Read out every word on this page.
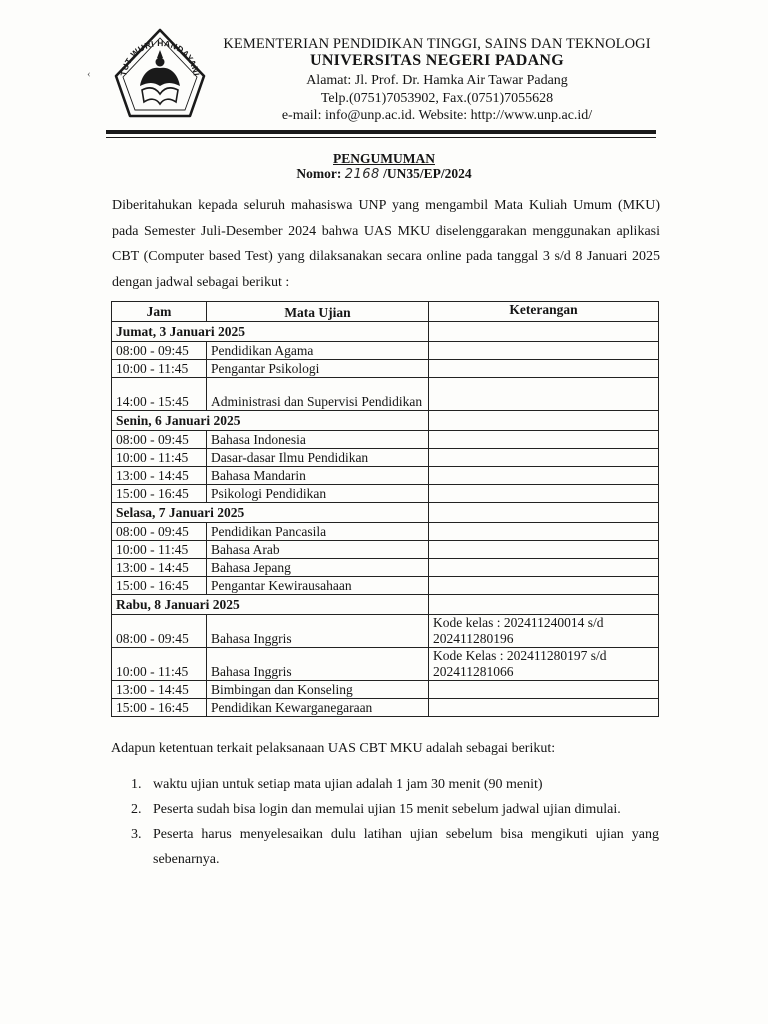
‹	TUT WURI HANDAYANI
KEMENTERIAN PENDIDIKAN TINGGI, SAINS DAN TEKNOLOGI
UNIVERSITAS NEGERI PADANG
Alamat: Jl. Prof. Dr. Hamka Air Tawar Padang
Telp.(0751)7053902, Fax.(0751)7055628
e-mail: info@unp.ac.id. Website: http://www.unp.ac.id/
PENGUMUMAN
Nomor: 2168 /UN35/EP/2024
Diberitahukan kepada seluruh mahasiswa UNP yang mengambil Mata Kuliah Umum (MKU) pada Semester Juli-Desember 2024 bahwa UAS MKU diselenggarakan menggunakan aplikasi CBT (Computer based Test) yang dilaksanakan secara online pada tanggal 3 s/d 8 Januari 2025 dengan jadwal sebagai berikut :
Jam	Mata Ujian	Keterangan
Jumat, 3 Januari 2025		
08:00 - 09:45	Pendidikan Agama	
10:00 - 11:45	Pengantar Psikologi	
14:00 - 15:45	Administrasi dan Supervisi Pendidikan	
Senin, 6 Januari 2025		
08:00 - 09:45	Bahasa Indonesia	
10:00 - 11:45	Dasar-dasar Ilmu Pendidikan	
13:00 - 14:45	Bahasa Mandarin	
15:00 - 16:45	Psikologi Pendidikan	
Selasa, 7 Januari 2025		
08:00 - 09:45	Pendidikan Pancasila	
10:00 - 11:45	Bahasa Arab	
13:00 - 14:45	Bahasa Jepang	
15:00 - 16:45	Pengantar Kewirausahaan	
Rabu, 8 Januari 2025		
08:00 - 09:45	Bahasa Inggris	Kode kelas : 202411240014 s/d 202411280196
10:00 - 11:45	Bahasa Inggris	Kode Kelas : 202411280197 s/d 202411281066
13:00 - 14:45	Bimbingan dan Konseling	
15:00 - 16:45	Pendidikan Kewarganegaraan	
Adapun ketentuan terkait pelaksanaan UAS CBT MKU adalah sebagai berikut:
1. waktu ujian untuk setiap mata ujian adalah 1 jam 30 menit (90 menit)
2. Peserta sudah bisa login dan memulai ujian 15 menit sebelum jadwal ujian dimulai.
3. Peserta harus menyelesaikan dulu latihan ujian sebelum bisa mengikuti ujian yang sebenarnya.
